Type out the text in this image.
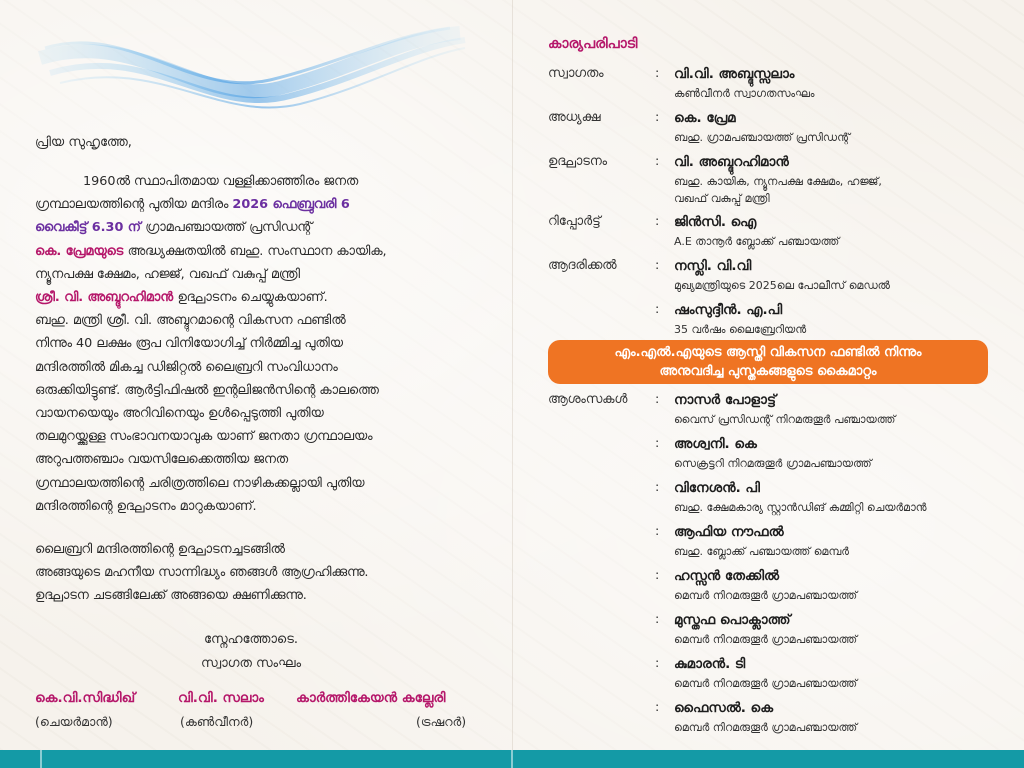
പ്രിയ സുഹൃത്തേ,
1960ൽ സ്ഥാപിതമായ വള്ളിക്കാഞ്ഞിരം ജനത
ഗ്രന്ഥാലയത്തിന്റെ പുതിയ മന്ദിരം 2026 ഫെബ്രുവരി 6
വൈകീട്ട് 6.30 ന് ഗ്രാമപഞ്ചായത്ത് പ്രസിഡന്റ്
കെ. പ്രേമയുടെ അദ്ധ്യക്ഷതയിൽ ബഹു. സംസ്ഥാന കായിക,
ന്യൂനപക്ഷ ക്ഷേമം, ഹജ്ജ്, വഖഫ് വകുപ്പ് മന്ത്രി
ശ്രീ. വി. അബ്ദുറഹിമാൻ ഉദ്ഘാടനം ചെയ്യുകയാണ്.
ബഹു. മന്ത്രി ശ്രീ. വി. അബ്ദുറമാന്റെ വികസന ഫണ്ടിൽ
നിന്നും 40 ലക്ഷം രൂപ വിനിയോഗിച്ച് നിർമ്മിച്ച പുതിയ
മന്ദിരത്തിൽ മികച്ച ഡിജിറ്റൽ ലൈബ്രറി സംവിധാനം
ഒരുക്കിയിട്ടുണ്ട്. ആർട്ടിഫിഷൽ ഇന്റലിജൻസിന്റെ കാലത്തെ
വായനയെയും അറിവിനെയും ഉൾപ്പെടുത്തി പുതിയ
തലമുറയ്ക്കുള്ള സംഭാവനയാവുക യാണ് ജനതാ ഗ്രന്ഥാലയം
അറുപത്തഞ്ചാം വയസിലേക്കെത്തിയ ജനത
ഗ്രന്ഥാലയത്തിന്റെ ചരിത്രത്തിലെ നാഴികക്കല്ലായി പുതിയ
മന്ദിരത്തിന്റെ ഉദ്ഘാടനം മാറുകയാണ്.
ലൈബ്രറി മന്ദിരത്തിന്റെ ഉദ്ഘാടനച്ചടങ്ങിൽ
അങ്ങയുടെ മഹനീയ സാന്നിദ്ധ്യം ഞങ്ങൾ ആഗ്രഹിക്കുന്നു.
ഉദ്ഘാടന ചടങ്ങിലേക്ക് അങ്ങയെ ക്ഷണിക്കുന്നു.
സ്നേഹത്തോടെ.
സ്വാഗത സംഘം
കെ.വി.സിദ്ധിഖ്
(ചെയർമാൻ)
വി.വി. സലാം
(കൺവീനർ)
കാർത്തികേയൻ കല്ലേരി
(ട്രഷറർ)
കാര്യപരിപാടി
സ്വാഗതം	: വി.വി. അബ്ദുസ്സലാം
കൺവീനർ സ്വാഗതസംഘം
അധ്യക്ഷ	: കെ. പ്രേമ
ബഹു. ഗ്രാമപഞ്ചായത്ത് പ്രസിഡന്റ്
ഉദ്ഘാടനം	: വി. അബ്ദുറഹിമാൻ
ബഹു. കായിക, ന്യൂനപക്ഷ ക്ഷേമം, ഹജ്ജ്,
വഖഫ് വകുപ്പ് മന്ത്രി
റിപ്പോർട്ട്	: ജിൻസി. ഐ
A.E താനൂർ ബ്ലോക്ക് പഞ്ചായത്ത്
ആദരിക്കൽ	: നസ്ലി. വി.വി
മുഖ്യമന്ത്രിയുടെ 2025ലെ പോലീസ് മെഡൽ
: ഷംസുദ്ദീൻ. എ.പി
35 വർഷം ലൈബ്രേറിയൻ
എം.എൽ.എയുടെ ആസ്തി വികസന ഫണ്ടിൽ നിന്നും
അനുവദിച്ച പുസ്തകങ്ങളുടെ കൈമാറ്റം
ആശംസകൾ : നാസർ പോളാട്ട്
വൈസ് പ്രസിഡന്റ് നിറമരുതൂർ പഞ്ചായത്ത്
: അശ്വനി. കെ
സെക്രട്ടറി നിറമരുതൂർ ഗ്രാമപഞ്ചായത്ത്
: വിനേശൻ. പി
ബഹു. ക്ഷേമകാര്യ സ്റ്റാൻഡിങ് കമ്മിറ്റി ചെയർമാൻ
: ആഫിയ നൗഫൽ
ബഹു. ബ്ലോക്ക് പഞ്ചായത്ത് മെമ്പർ
: ഹസ്സൻ തേക്കിൽ
മെമ്പർ നിറമരുതൂർ ഗ്രാമപഞ്ചായത്ത്
: മുസ്തഫ പൊക്ലാത്ത്
മെമ്പർ നിറമരുതൂർ ഗ്രാമപഞ്ചായത്ത്
: കുമാരൻ. ടി
മെമ്പർ നിറമരുതൂർ ഗ്രാമപഞ്ചായത്ത്
: ഫൈസൽ. കെ
മെമ്പർ നിറമരുതൂർ ഗ്രാമപഞ്ചായത്ത്
